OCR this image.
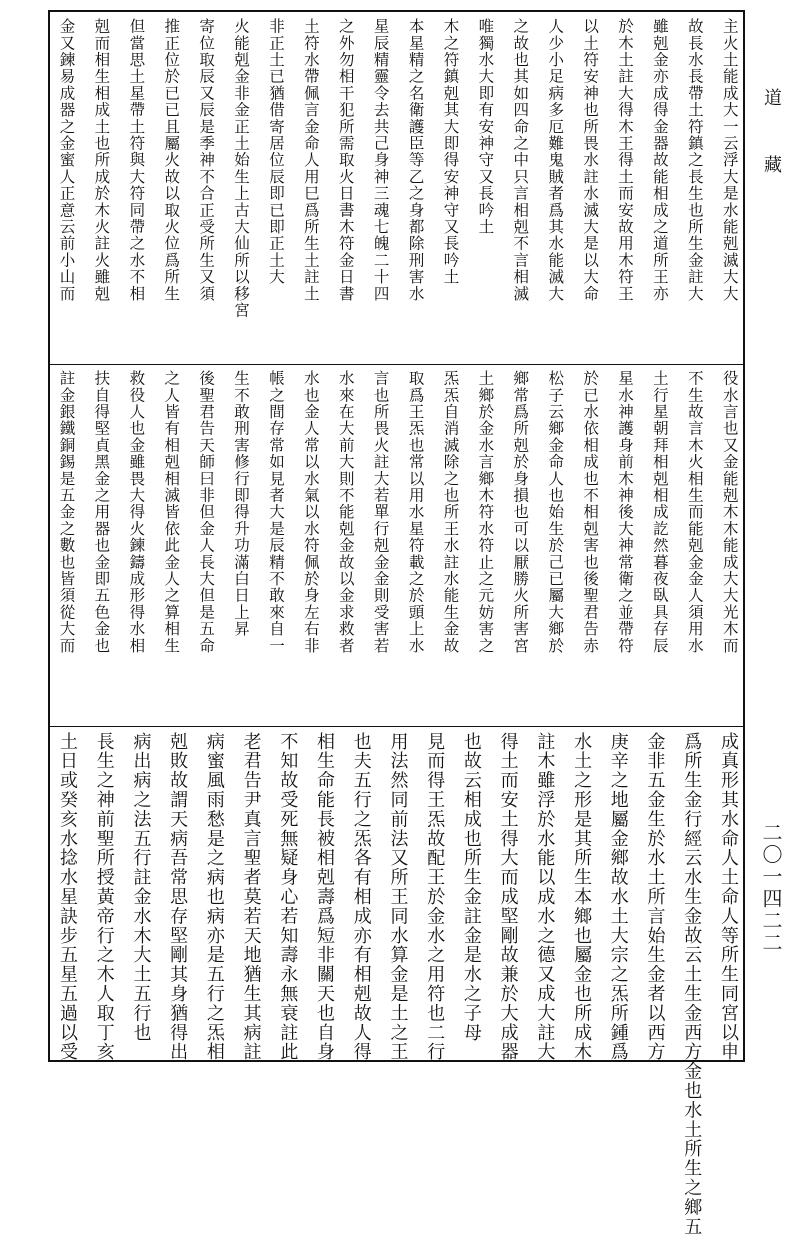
主火土能成大一云浮大是水能剋滅大大
故長水長帶土符鎮之長生也所生金註大
雖剋金亦成得金器故能相成之道所王亦
於木土註大得木王得土而安故用木符王
以土符安神也所畏水註水滅大是以大命
人少小足病多厄難鬼賊者爲其水能滅大
之故也其如四命之中只言相剋不言相滅
唯獨水大即有安神守又長吟土
木之符鎮剋其大即得安神守又長吟土
本星精之名衛護臣等乙之身都除刑害水
星辰精靈令去共己身神三魂七魄二十四
之外勿相干犯所需取火日書木符金日書
土符水帶佩言金命人用巳爲所生土註土
非正土已猶借寄居位辰即已即正土大
火能剋金非金正土始生上古大仙所以移宮
寄位取辰又辰是季神不合正受所生又須
推正位於已已且屬火故以取火位爲所生
但當思土星帶土符與大符同帶之水不相
剋而相生相成土也所成於木火註火雖剋
金又鍊易成器之金蜜人正意云前小山而
役水言也又金能剋木木能成大大光木而
不生故言木火相生而能剋金金人須用水
土行星朝拜相剋相成訖然暮夜臥具存辰
星水神護身前木神後大神常衛之並帶符
於已水依相成也不相剋害也後聖君告赤
松子云鄉金命人也始生於己已屬大鄉於
鄉常爲所剋於身損也可以厭勝火所害宮
土鄉於金水言鄉木符水符止之元妨害之
炁炁自消滅除之也所王水註水能生金故
取爲王炁也常以用水星符載之於頭上水
言也所畏火註大若單行剋金金則受害若
水來在大前大則不能剋金故以金求救者
水也金人常以水氣以水符佩於身左右非
帳之間存常如見者大是辰精不敢來自一
生不敢刑害修行即得升功滿白日上昇
後聖君告天師曰非但金人長大但是五命
之人皆有相剋相滅皆依此金人之算相生
救役人也金雖畏大得火鍊鑄成形得水相
扶自得堅貞黑金之用器也金即五色金也
註金銀鐵銅錫是五金之數也皆須從大而
成真形其水命人土命人等所生同宮以申
爲所生金行經云水生金故云土生金西方金也水土所生之鄉五
金非五金生於水土所言始生金者以西方
庚辛之地屬金鄉故水土大宗之炁所鍾爲
水土之形是其所生本鄉也屬金也所成木
註木雖浮於水能以成水之德又成大註大
得土而安土得大而成堅剛故兼於大成器
也故云相成也所生金註金是水之子母
見而得王炁故配王於金水之用符也二行
用法然同前法又所王同水算金是土之王
也夫五行之炁各有相成亦有相剋故人得
相生命能長被相剋壽爲短非關天也自身
不知故受死無疑身心若知壽永無衰註此
老君告尹真言聖者莫若天地猶生其病註
病蜜風雨愁是之病也病亦是五行之炁相
剋敗故謂天病吾常思存堅剛其身猶得出
病出病之法五行註金水木大土五行也
長生之神前聖所授黃帝行之木人取丁亥
土日或癸亥水捻水星訣步五星五過以受
道 藏
二〇一四二二
